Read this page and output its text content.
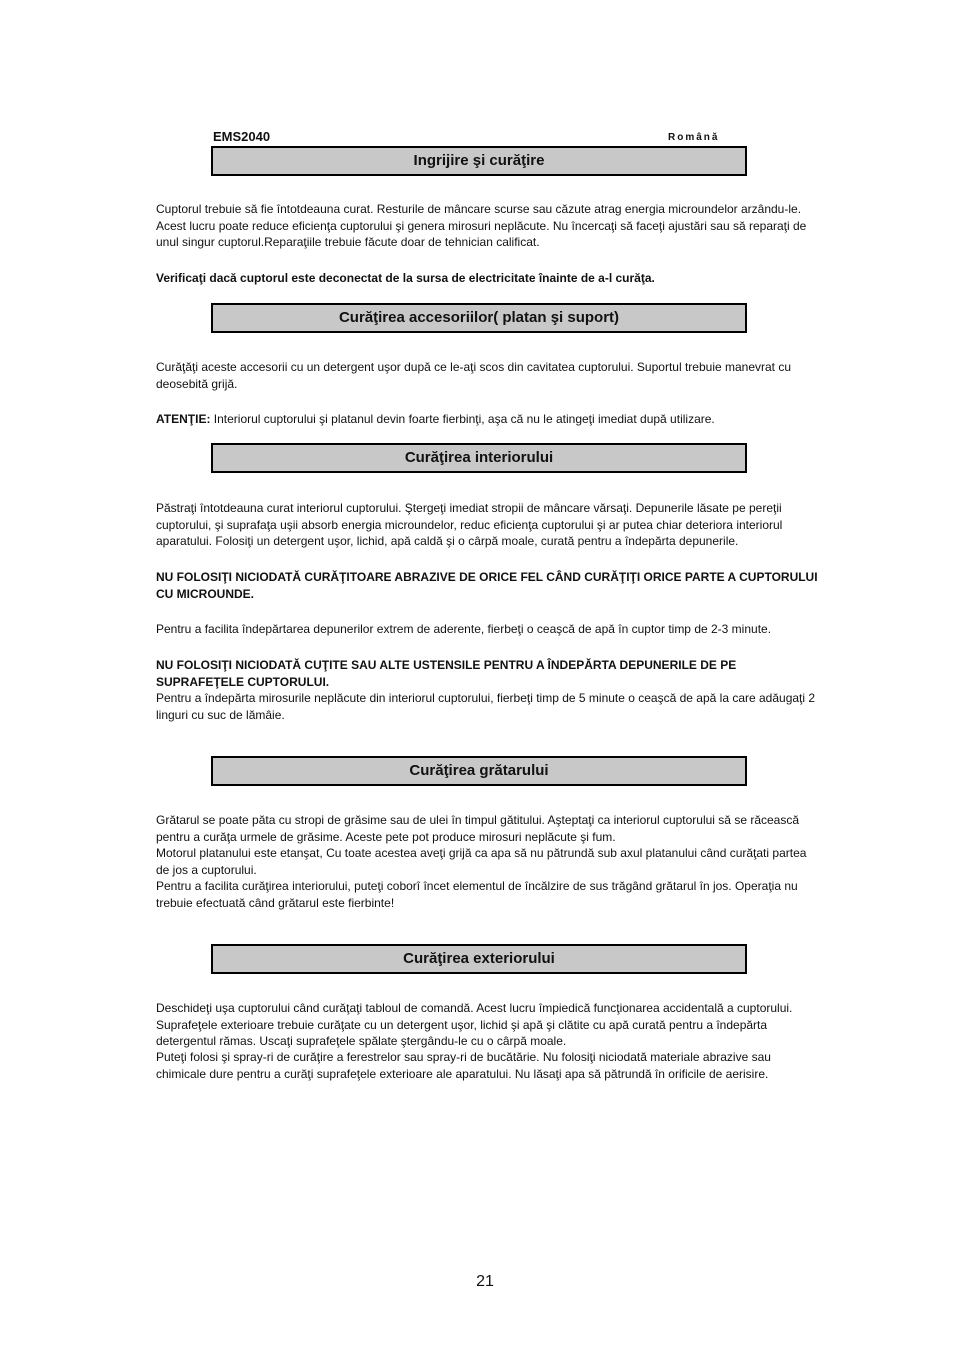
EMS2040	Română
Ingrijire şi curăţire

Cuptorul trebuie să fie întotdeauna curat. Resturile de mâncare scurse sau căzute atrag energia microundelor arzându-le. Acest lucru poate reduce eficienţa cuptorului şi genera mirosuri neplăcute. Nu încercaţi să faceţi ajustări sau să reparaţi de unul singur cuptorul.Reparaţiile trebuie făcute doar de tehnician calificat.

Verificaţi dacă cuptorul este deconectat de la sursa de electricitate înainte de a-l curăţa.

Curăţirea accesoriilor( platan şi suport)

Curăţăţi aceste accesorii cu un detergent uşor după ce le-aţi scos din cavitatea cuptorului. Suportul trebuie manevrat cu deosebită grijă.

ATENŢIE: Interiorul cuptorului şi platanul devin foarte fierbinţi, aşa că nu le atingeţi imediat după utilizare.

Curăţirea interiorului

Păstraţi întotdeauna curat interiorul cuptorului. Ştergeţi imediat stropii de mâncare vărsaţi. Depunerile lăsate pe pereţii cuptorului, şi suprafaţa uşii absorb energia microundelor, reduc eficienţa cuptorului şi ar putea chiar deteriora interiorul aparatului. Folosiţi un detergent uşor, lichid, apă caldă şi o cârpă moale, curată pentru a îndepărta depunerile.

NU FOLOSIŢI NICIODATĂ CURĂŢITOARE ABRAZIVE DE ORICE FEL CÂND CURĂŢIŢI ORICE PARTE A CUPTORULUI CU MICROUNDE.

Pentru a facilita îndepărtarea depunerilor extrem de aderente, fierbeţi o ceaşcă de apă în cuptor timp de 2-3 minute.

NU FOLOSIŢI NICIODATĂ CUŢITE SAU ALTE USTENSILE PENTRU A ÎNDEPĂRTA DEPUNERILE DE PE SUPRAFEŢELE CUPTORULUI.

Pentru a îndepărta mirosurile neplăcute din interiorul cuptorului, fierbeţi timp de 5 minute o ceaşcă de apă la care adăugaţi 2 linguri cu suc de lămâie.

Curăţirea grătarului

Grătarul se poate păta cu stropi de grăsime sau de ulei în timpul gătitului. Aşteptaţi ca interiorul cuptorului să se răcească pentru a curăţa urmele de grăsime. Aceste pete pot produce mirosuri neplăcute şi fum.

Motorul platanului este etanşat, Cu toate acestea aveţi grijă ca apa să nu pătrundă sub axul platanului când curăţati partea de jos a cuptorului.

Pentru a facilita curăţirea interiorului, puteţi coborî încet elementul de încălzire de sus trăgând grătarul în jos. Operaţia nu trebuie efectuată când grătarul este fierbinte!

Curăţirea exteriorului

Deschideţi uşa cuptorului când curăţaţi tabloul de comandă. Acest lucru împiedică funcţionarea accidentală a cuptorului. Suprafeţele exterioare trebuie curăţate cu un detergent uşor, lichid şi apă şi clătite cu apă curată pentru a îndepărta detergentul rămas. Uscaţi suprafeţele spălate ştergându-le cu o cârpă moale.

Puteţi folosi şi spray-ri de curăţire a ferestrelor sau spray-ri de bucătărie. Nu folosiţi niciodată materiale abrazive sau chimicale dure pentru a curăţi suprafeţele exterioare ale aparatului. Nu lăsaţi apa să pătrundă în orificile de aerisire.

21
